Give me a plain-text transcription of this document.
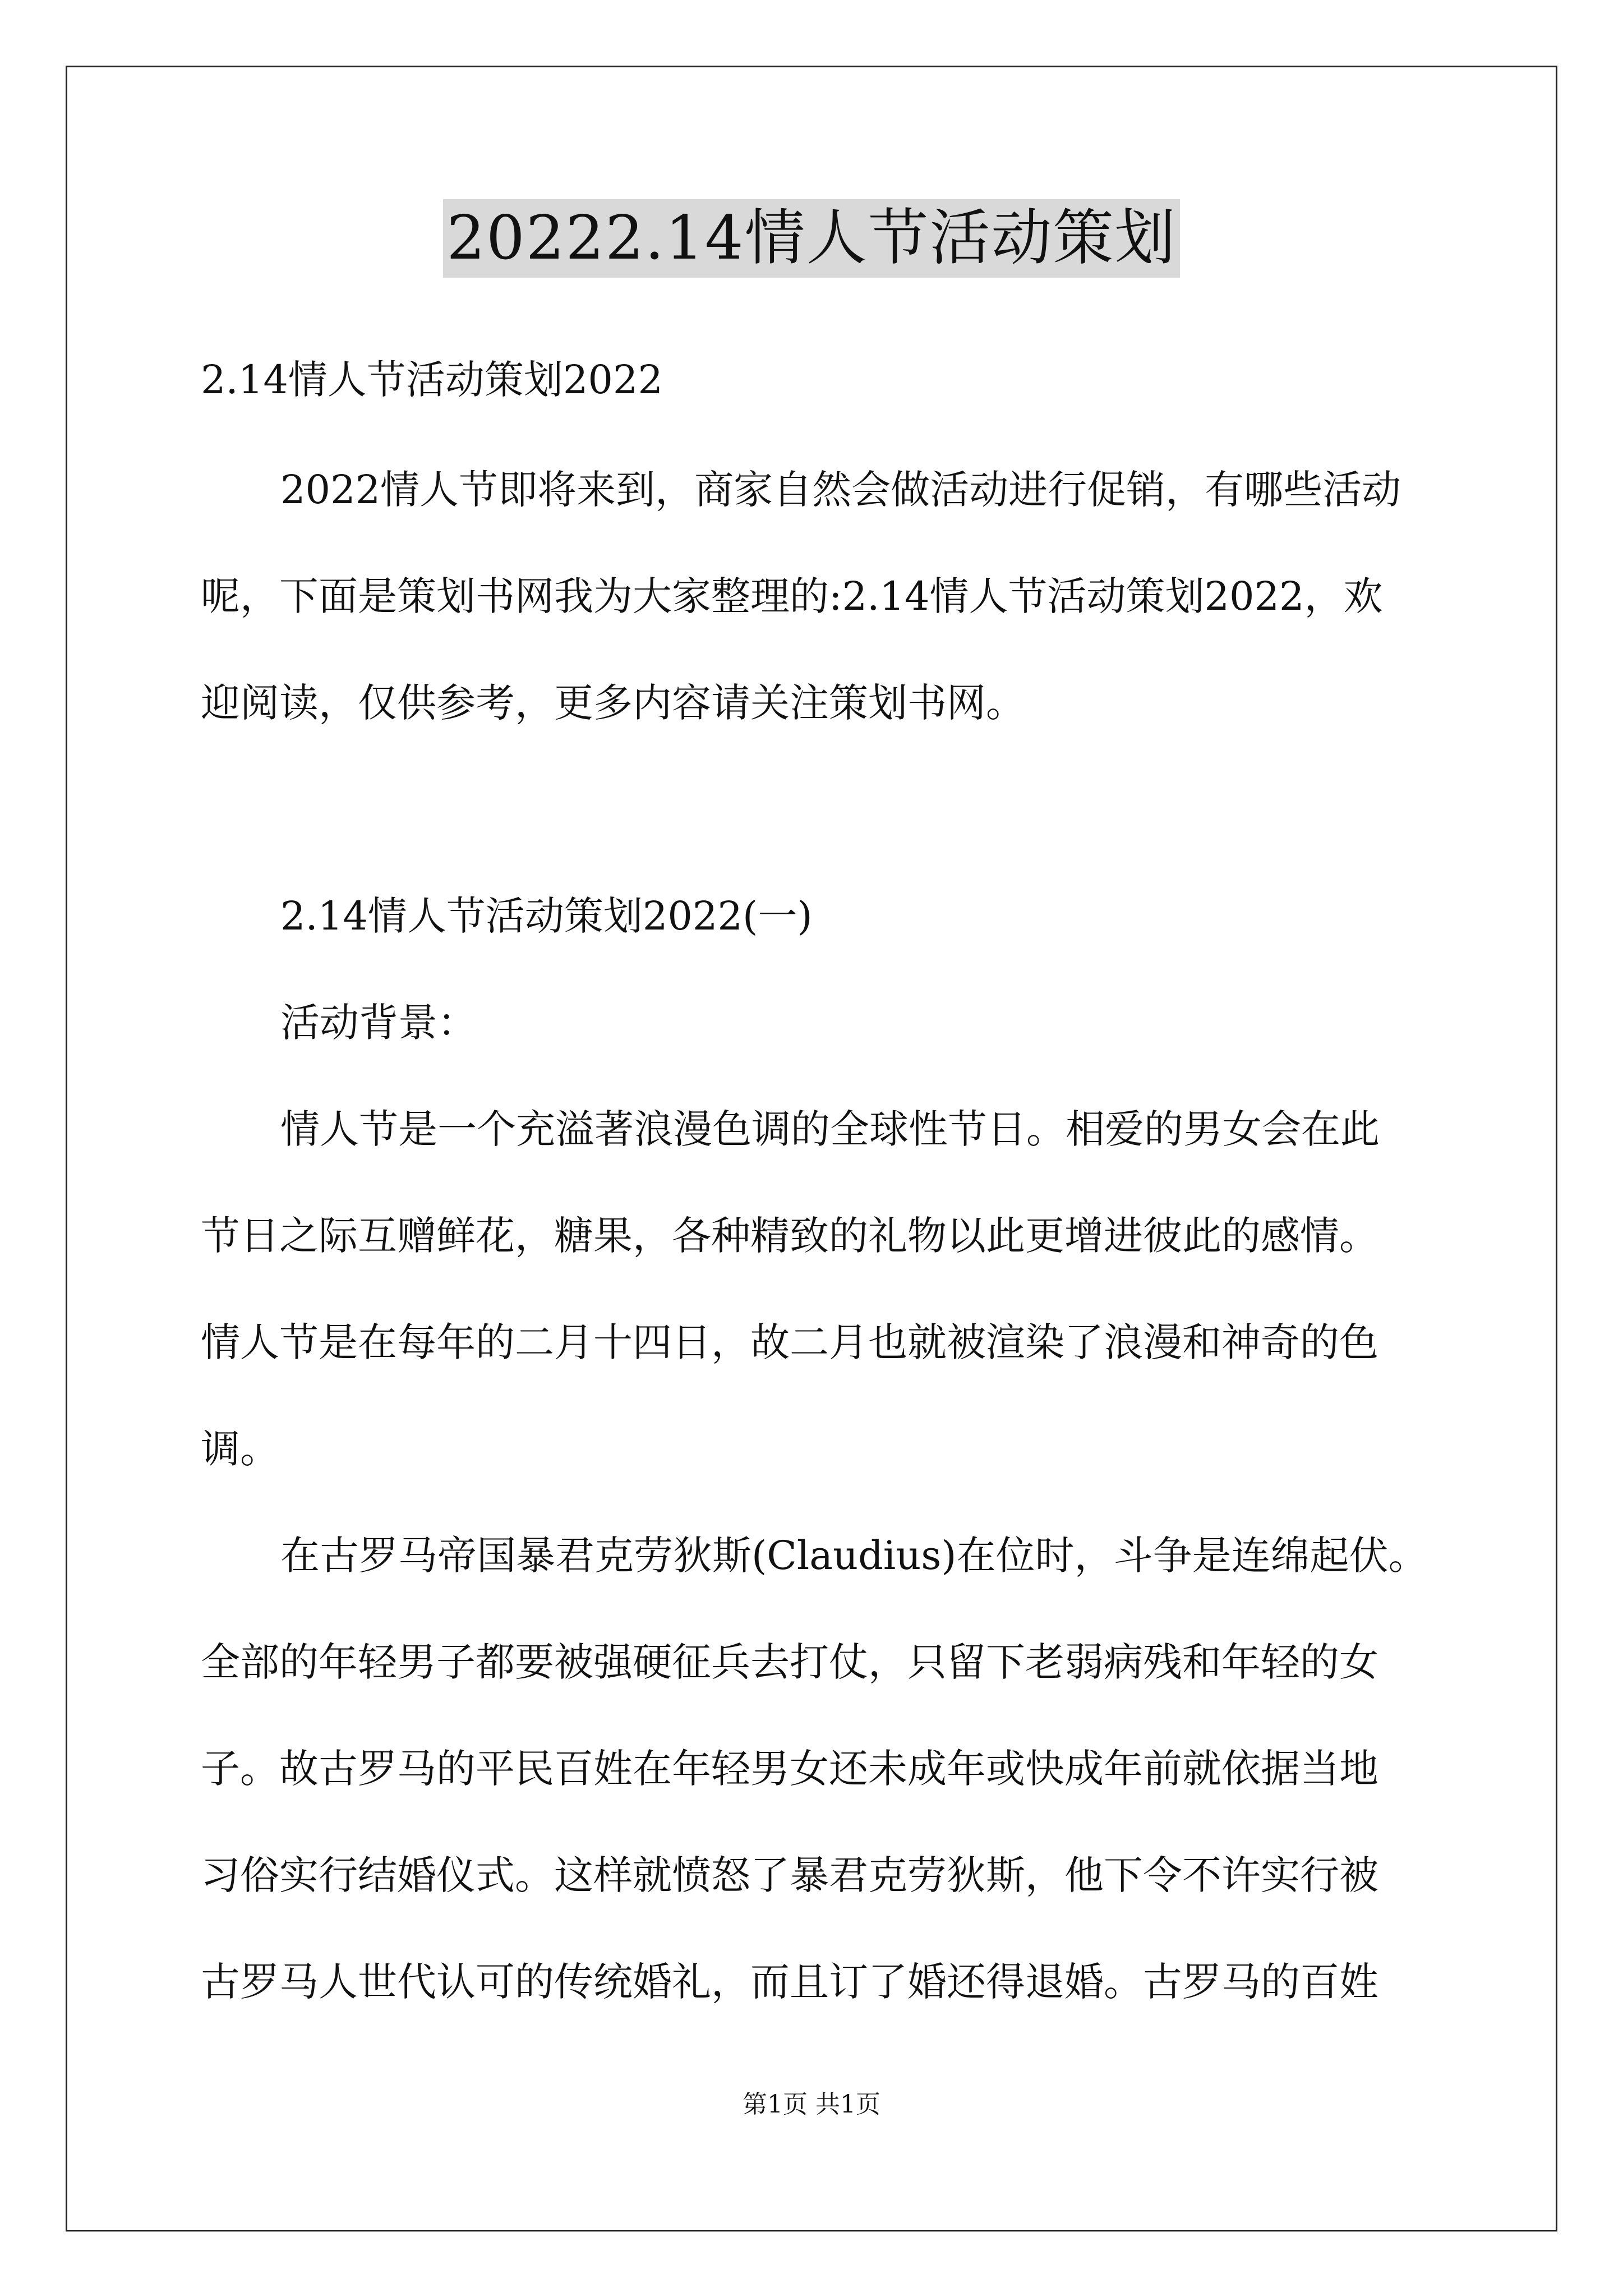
20222.14情人节活动策划
2.14情人节活动策划2022
2022情人节即将来到，商家自然会做活动进行促销，有哪些活动
呢，下面是策划书网我为大家整理的:2.14情人节活动策划2022，欢
迎阅读，仅供参考，更多内容请关注策划书网。
2.14情人节活动策划2022(一)
活动背景：
情人节是一个充溢著浪漫色调的全球性节日。相爱的男女会在此
节日之际互赠鲜花，糖果，各种精致的礼物以此更增进彼此的感情。
情人节是在每年的二月十四日，故二月也就被渲染了浪漫和神奇的色
调。
在古罗马帝国暴君克劳狄斯(Claudius)在位时，斗争是连绵起伏。
全部的年轻男子都要被强硬征兵去打仗，只留下老弱病残和年轻的女
子。故古罗马的平民百姓在年轻男女还未成年或快成年前就依据当地
习俗实行结婚仪式。这样就愤怒了暴君克劳狄斯，他下令不许实行被
古罗马人世代认可的传统婚礼，而且订了婚还得退婚。古罗马的百姓
第1页 共1页
